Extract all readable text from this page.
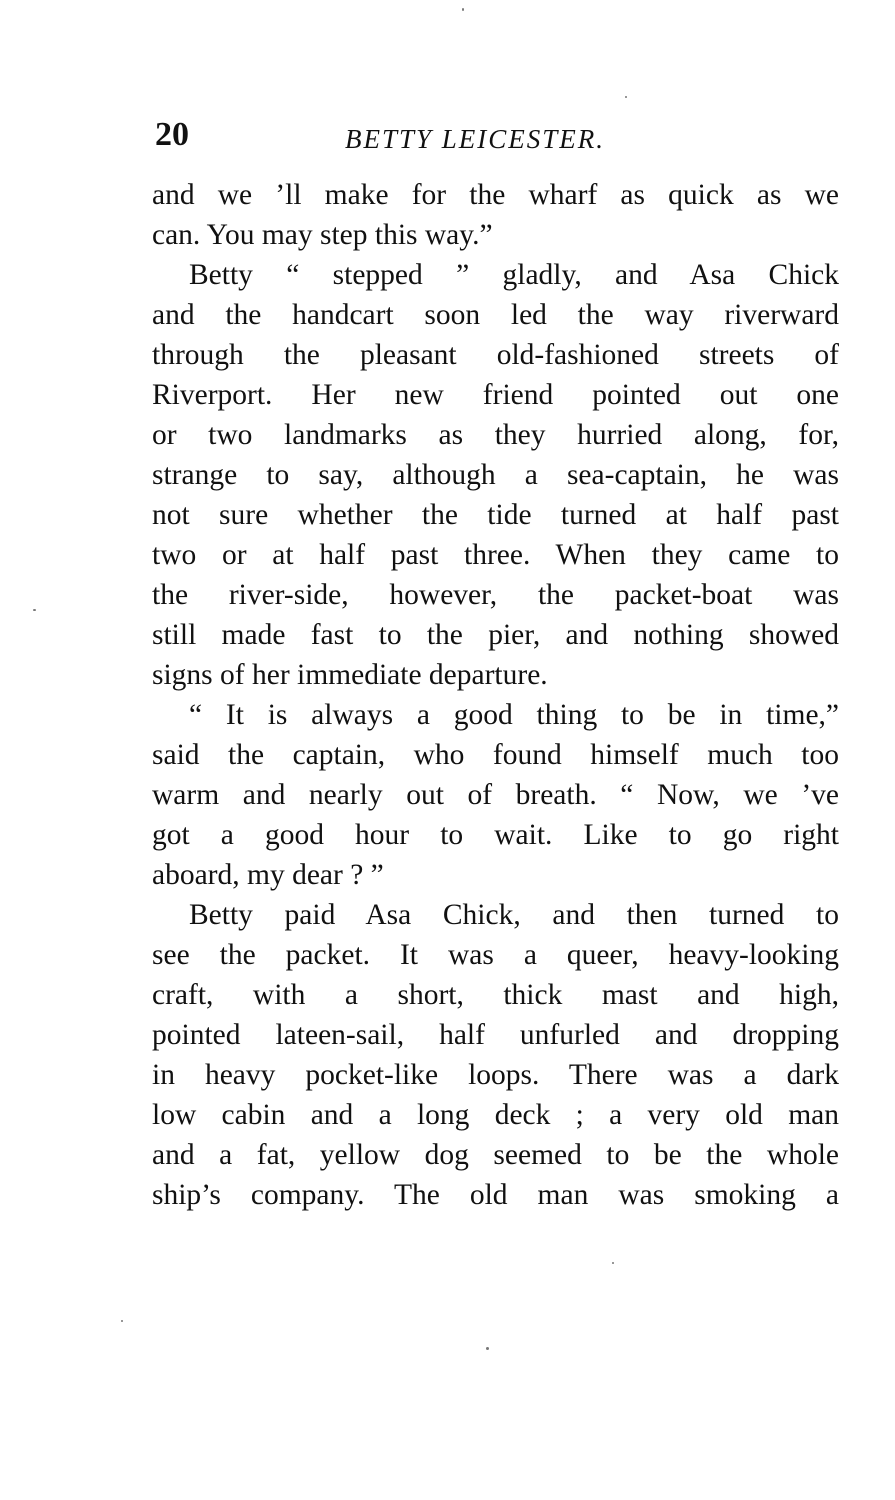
20	BETTY LEICESTER.
and we ’ll make for the wharf as quick as we
can. You may step this way.”
Betty “ stepped ” gladly, and Asa Chick
and the handcart soon led the way riverward
through the pleasant old-fashioned streets of
Riverport. Her new friend pointed out one
or two landmarks as they hurried along, for,
strange to say, although a sea-captain, he was
not sure whether the tide turned at half past
two or at half past three. When they came to
the river-side, however, the packet-boat was
still made fast to the pier, and nothing showed
signs of her immediate departure.
“ It is always a good thing to be in time,”
said the captain, who found himself much too
warm and nearly out of breath. “ Now, we ’ve
got a good hour to wait. Like to go right
aboard, my dear ? ”
Betty paid Asa Chick, and then turned to
see the packet. It was a queer, heavy-looking
craft, with a short, thick mast and high,
pointed lateen-sail, half unfurled and dropping
in heavy pocket-like loops. There was a dark
low cabin and a long deck ; a very old man
and a fat, yellow dog seemed to be the whole
ship’s company. The old man was smoking a
